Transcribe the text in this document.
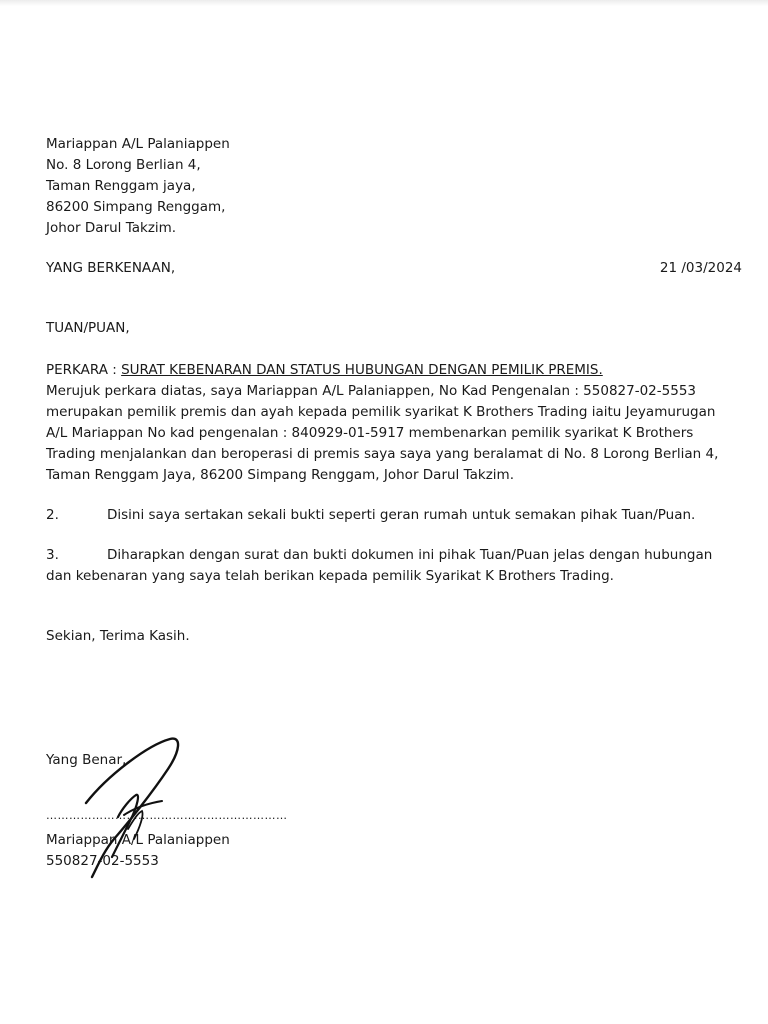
Mariappan A/L Palaniappen
No. 8 Lorong Berlian 4,
Taman Renggam jaya,
86200 Simpang Renggam,
Johor Darul Takzim.
YANG BERKENAAN,	21 /03/2024
TUAN/PUAN,
PERKARA : SURAT KEBENARAN DAN STATUS HUBUNGAN DENGAN PEMILIK PREMIS.
Merujuk perkara diatas, saya Mariappan A/L Palaniappen, No Kad Pengenalan : 550827-02-5553
merupakan pemilik premis dan ayah kepada pemilik syarikat K Brothers Trading iaitu Jeyamurugan
A/L Mariappan No kad pengenalan : 840929-01-5917 membenarkan pemilik syarikat K Brothers
Trading menjalankan dan beroperasi di premis saya saya yang beralamat di No. 8 Lorong Berlian 4,
Taman Renggam Jaya, 86200 Simpang Renggam, Johor Darul Takzim.
2.	Disini saya sertakan sekali bukti seperti geran rumah untuk semakan pihak Tuan/Puan.
3.	Diharapkan dengan surat dan bukti dokumen ini pihak Tuan/Puan jelas dengan hubungan
dan kebenaran yang saya telah berikan kepada pemilik Syarikat K Brothers Trading.
Sekian, Terima Kasih.
Yang Benar,
………………………………………………………
Mariappan A/L Palaniappen
550827-02-5553
